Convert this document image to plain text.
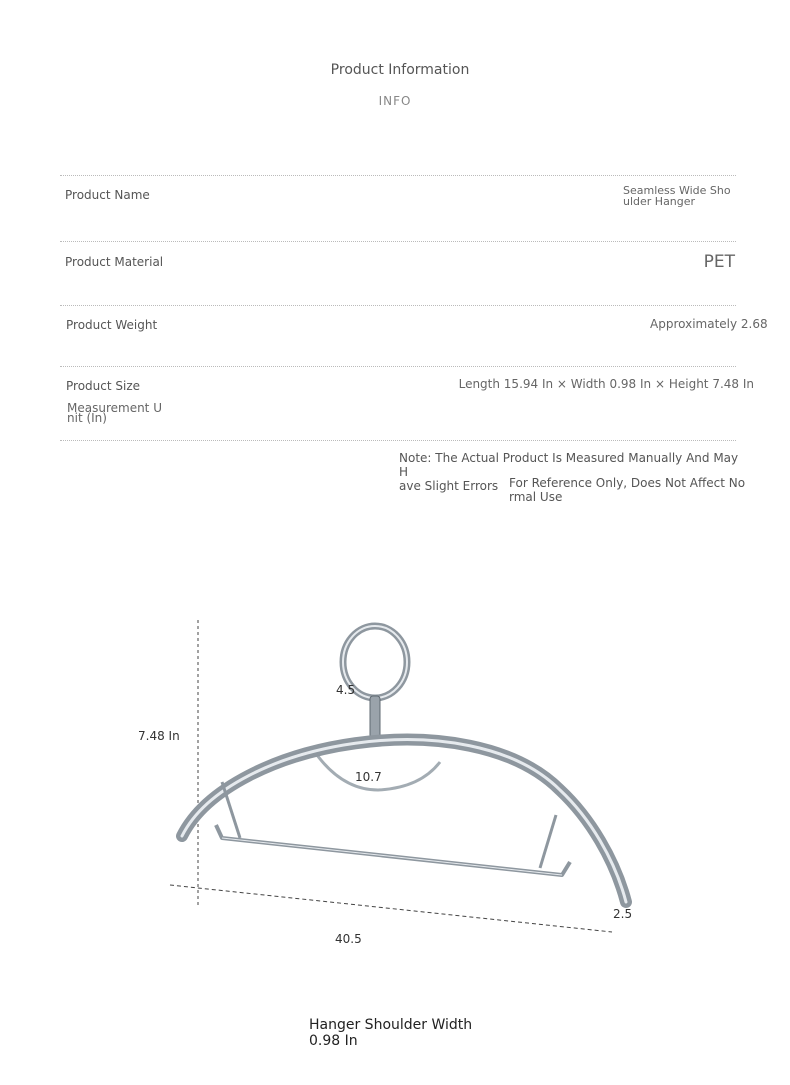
Product Information
INFO
Product Name	Seamless Wide Sho
ulder Hanger
Product Material	PET
Product Weight	Approximately 2.68
Product Size	Length 15.94 In × Width 0.98 In × Height 7.48 In
Measurement U
nit (In)
Note: The Actual Product Is Measured Manually And May H
ave Slight Errors For Reference Only, Does Not Affect No
rmal Use
7.48 In
4.5
10.7
40.5
2.5
Hanger Shoulder Width
0.98 In
